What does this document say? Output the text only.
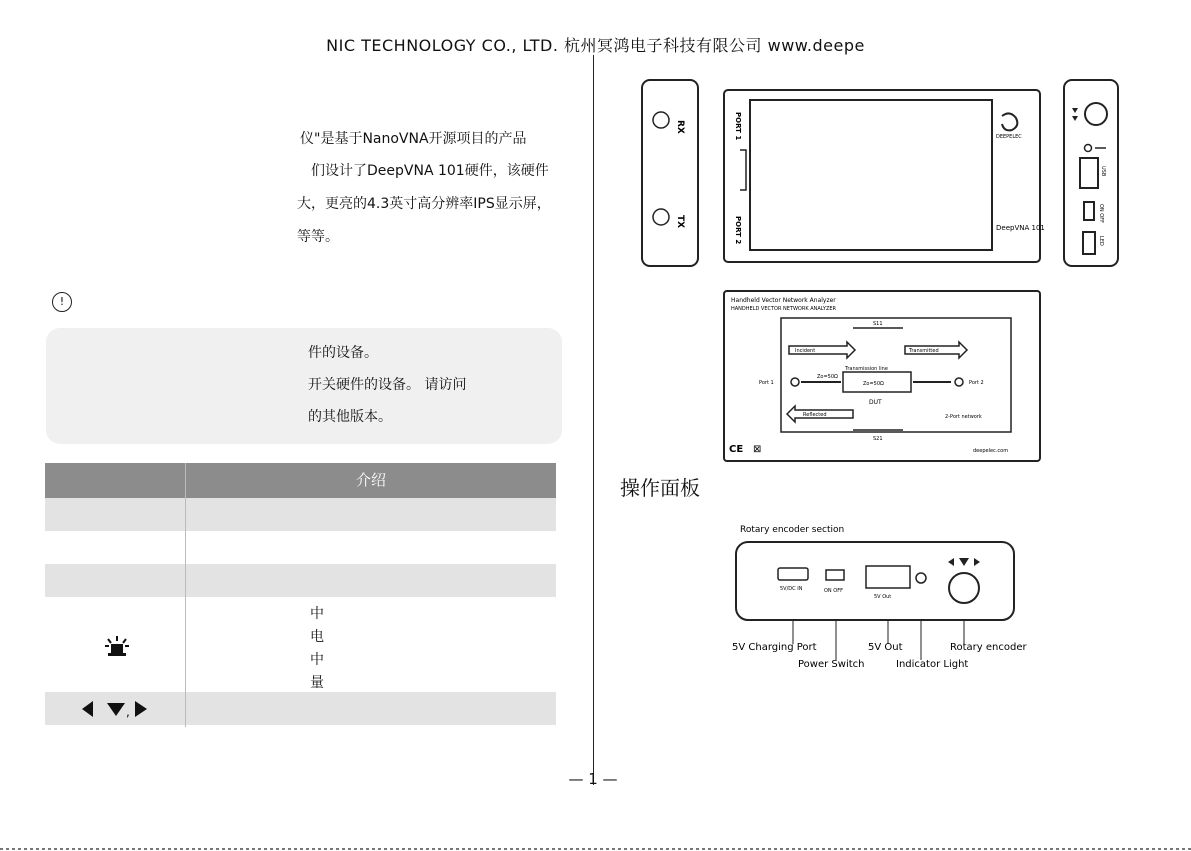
NIC TECHNOLOGY CO., LTD. 杭州冥鸿电子科技有限公司 www.deepe
仪"是基于NanoVNA开源项目的产品
们设计了DeepVNA 101硬件，该硬件
大，更亮的4.3英寸高分辨率IPS显示屏，
等等。
!
件的设备。
开关硬件的设备。 请访问
的其他版本。
介绍
中
电
中
量
,
RX
TX
PORT 1
PORT 2
DEEPELEC
DeepVNA 101
USB
ON OFF
LED
Handheld Vector Network Analyzer
HANDHELD VECTOR NETWORK ANALYZER
S11
Incident	Transmitted
Transmission line
Port 1
Zo=50Ω
Zo=50Ω	Port 2
DUT
Reflected	2-Port network
S21
CE ⊠	deepelec.com
操作面板
Rotary encoder section
5V/DC IN	ON OFF
5V Out
5V Charging Port
Power Switch
5V Out
Indicator Light
Rotary encoder
— 1 —
